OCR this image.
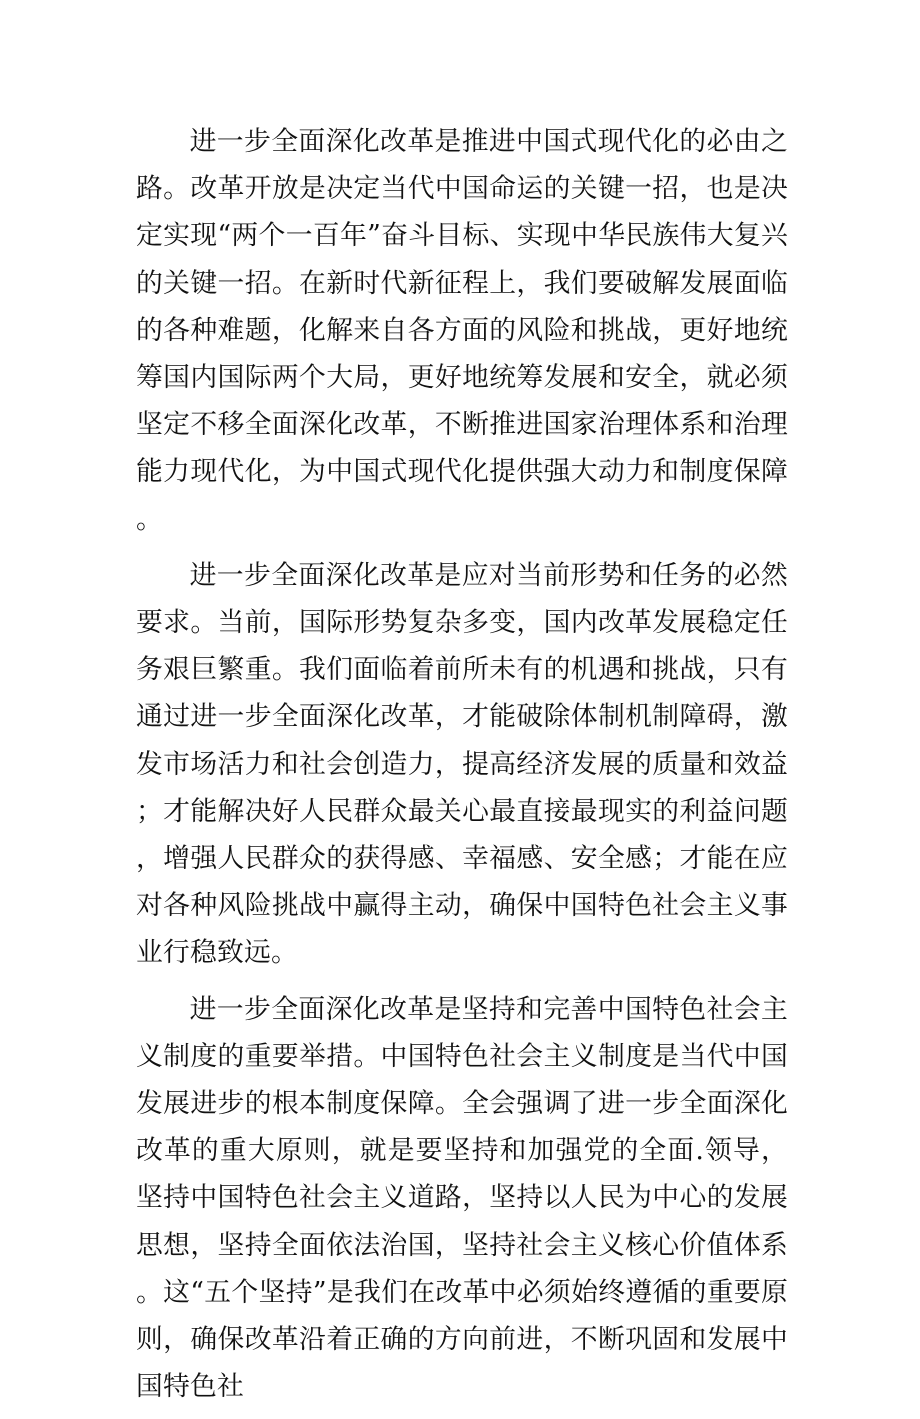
进一步全面深化改革是推进中国式现代化的必由之路。改革开放是决定当代中国命运的关键一招，也是决定实现“两个一百年”奋斗目标、实现中华民族伟大复兴的关键一招。在新时代新征程上，我们要破解发展面临的各种难题，化解来自各方面的风险和挑战，更好地统筹国内国际两个大局，更好地统筹发展和安全，就必须坚定不移全面深化改革，不断推进国家治理体系和治理能力现代化，为中国式现代化提供强大动力和制度保障。

进一步全面深化改革是应对当前形势和任务的必然要求。当前，国际形势复杂多变，国内改革发展稳定任务艰巨繁重。我们面临着前所未有的机遇和挑战，只有通过进一步全面深化改革，才能破除体制机制障碍，激发市场活力和社会创造力，提高经济发展的质量和效益；才能解决好人民群众最关心最直接最现实的利益问题，增强人民群众的获得感、幸福感、安全感；才能在应对各种风险挑战中赢得主动，确保中国特色社会主义事业行稳致远。

进一步全面深化改革是坚持和完善中国特色社会主义制度的重要举措。中国特色社会主义制度是当代中国发展进步的根本制度保障。全会强调了进一步全面深化改革的重大原则，就是要坚持和加强党的全面.领导，坚持中国特色社会主义道路，坚持以人民为中心的发展思想，坚持全面依法治国，坚持社会主义核心价值体系。这“五个坚持”是我们在改革中必须始终遵循的重要原则，确保改革沿着正确的方向前进，不断巩固和发展中国特色社
